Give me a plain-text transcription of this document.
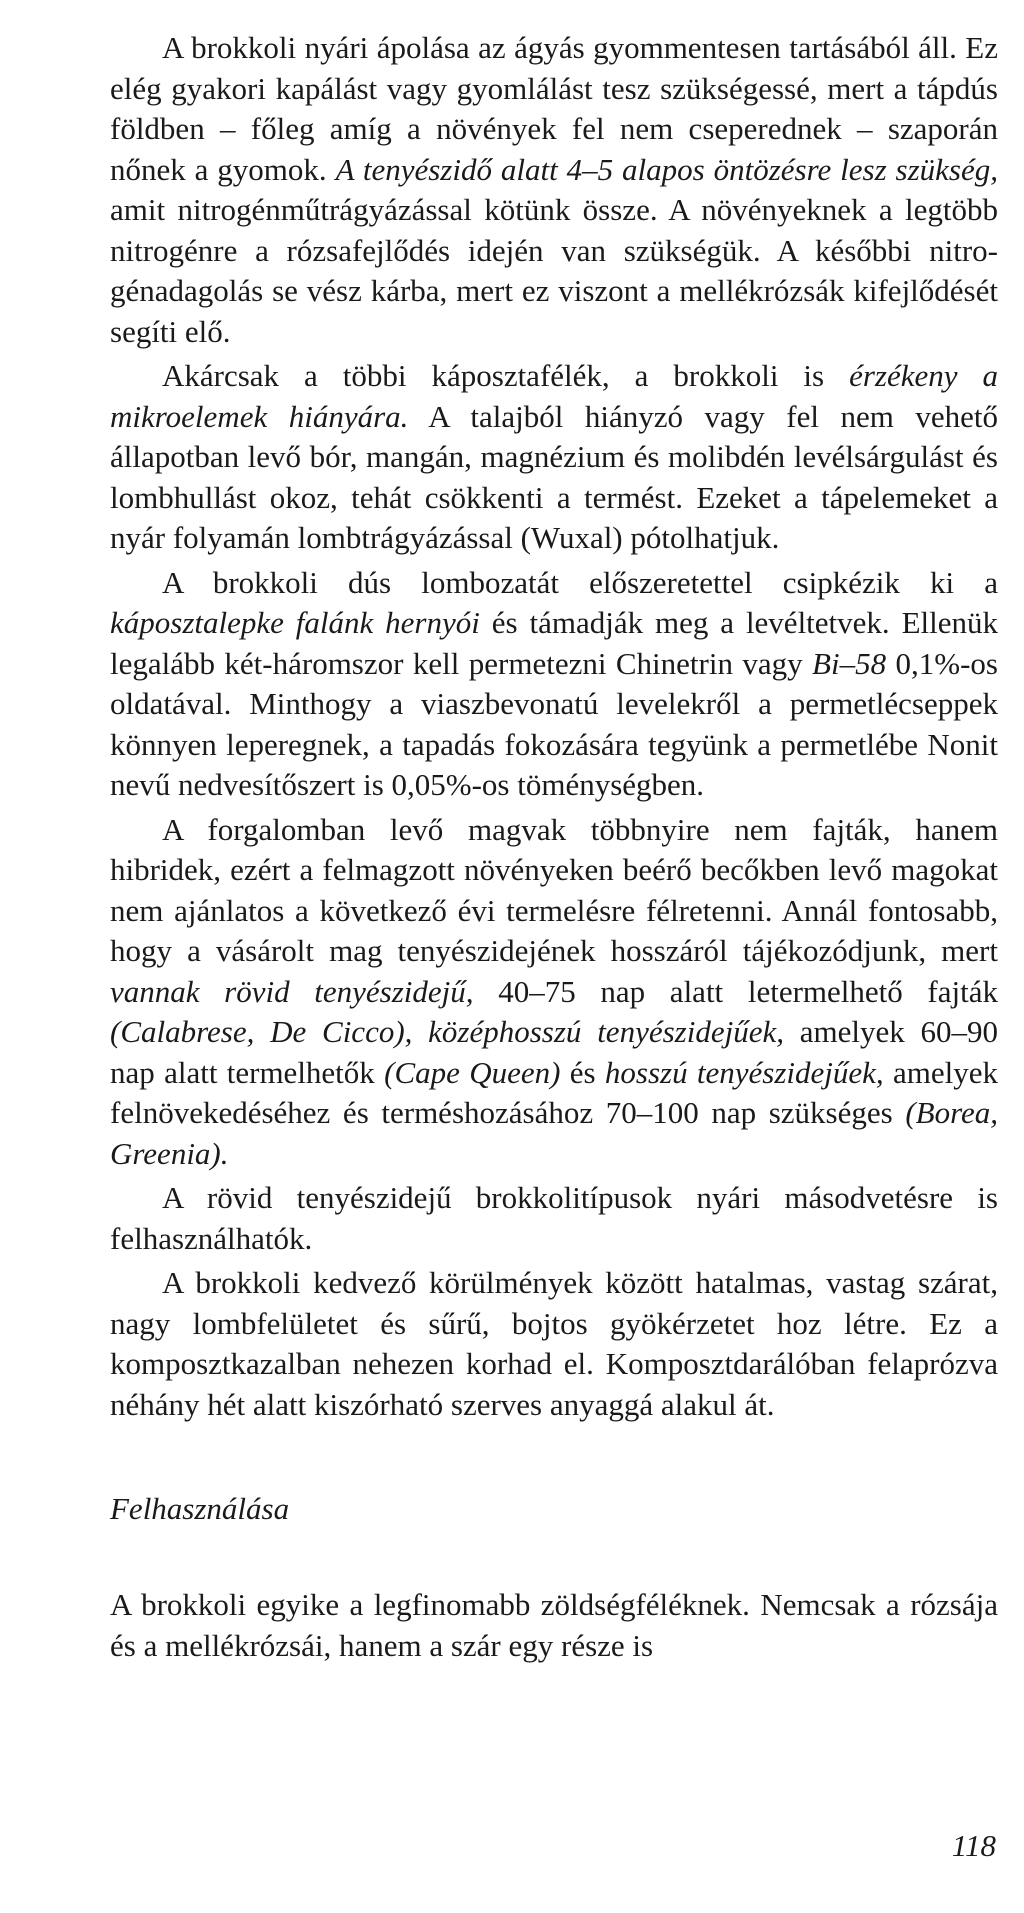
A brokkoli nyári ápolása az ágyás gyommentesen tartásából áll. Ez elég gyakori kapálást vagy gyomlálást tesz szükségessé, mert a tápdús földben – főleg amíg a növények fel nem cseperednek – szaporán nőnek a gyomok. A tenyészidő alatt 4–5 alapos öntözésre lesz szükség, amit nitrogénműtrágyázással kötünk össze. A növényeknek a legtöbb nitrogénre a rózsafejlődés idején van szükségük. A későbbi nitrogénadagolás se vész kárba, mert ez viszont a mellékrózsák kifejlődését segíti elő.

Akárcsak a többi káposztafélék, a brokkoli is érzékeny a mikroelemek hiányára. A talajból hiányzó vagy fel nem vehető állapotban levő bór, mangán, magnézium és molibdén levélsárgulást és lombhullást okoz, tehát csökkenti a termést. Ezeket a tápelemeket a nyár folyamán lombtrágyázással (Wuxal) pótolhatjuk.

A brokkoli dús lombozatát előszeretettel csipkézik ki a káposztalepke falánk hernyói és támadják meg a levéltetvek. Ellenük legalább két-háromszor kell permetezni Chinetrin vagy Bi–58 0,1%-os oldatával. Minthogy a viaszbevonatú levelekről a permetlécseppek könnyen leperegnek, a tapadás fokozására tegyünk a permetlébe Nonit nevű nedvesítőszert is 0,05%-os töménységben.

A forgalomban levő magvak többnyire nem fajták, hanem hibridek, ezért a felmagzott növényeken beérő becőkben levő magokat nem ajánlatos a következő évi termelésre félretenni. Annál fontosabb, hogy a vásárolt mag tenyészidejének hosszáról tájékozódjunk, mert vannak rövid tenyészidejű, 40–75 nap alatt letermelhető fajták (Calabrese, De Cicco), középhosszú tenyészidejűek, amelyek 60–90 nap alatt termelhetők (Cape Queen) és hosszú tenyészidejűek, amelyek felnövekedéséhez és terméshozásához 70–100 nap szükséges (Borea, Greenia).

A rövid tenyészidejű brokkolitípusok nyári másodvetésre is felhasználhatók.

A brokkoli kedvező körülmények között hatalmas, vastag szárat, nagy lombfelületet és sűrű, bojtos gyökérzetet hoz létre. Ez a komposztkazalban nehezen korhad el. Komposztdarálóban felaprózva néhány hét alatt kiszórható szerves anyaggá alakul át.

Felhasználása

A brokkoli egyike a legfinomabb zöldségféléknek. Nemcsak a rózsája és a mellékrózsái, hanem a szár egy része is

118
